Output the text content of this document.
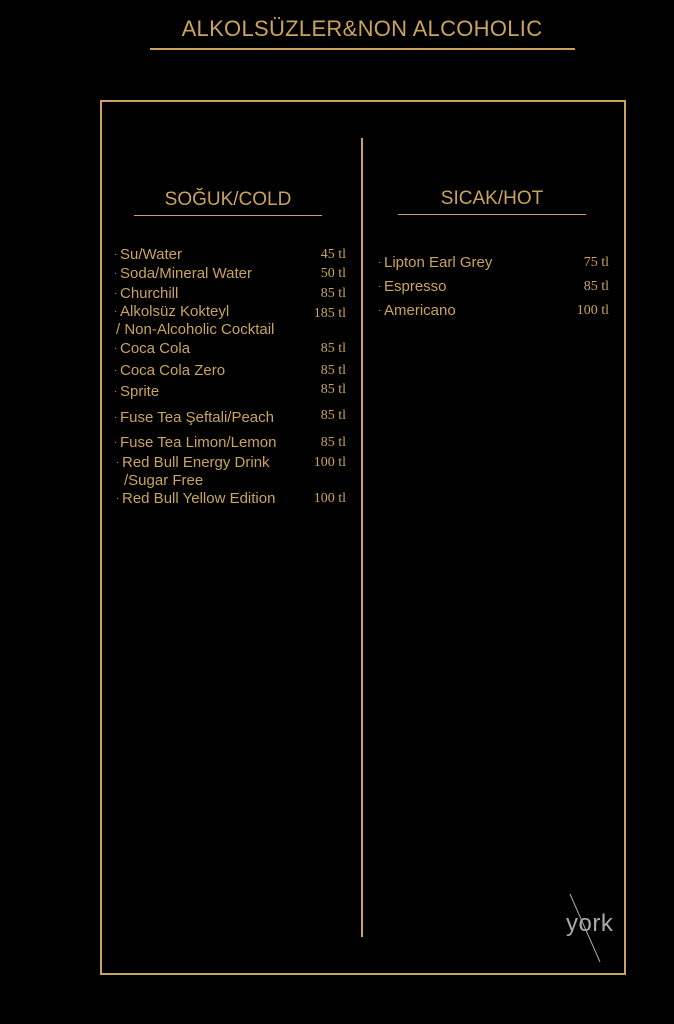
ALKOLSÜZLER&NON ALCOHOLIC
SOĞUK/COLD
· Su/Water	45 tl
· Soda/Mineral Water	50 tl
· Churchill	85 tl
· Alkolsüz Kokteyl
/ Non-Alcoholic Cocktail
185 tl
· Coca Cola	85 tl
· Coca Cola Zero	85 tl
· Sprite	85 tl
· Fuse Tea Şeftali/Peach	85 tl
· Fuse Tea Limon/Lemon	85 tl
· Red Bull Energy Drink
/Sugar Free
100 tl
· Red Bull Yellow Edition	100 tl
SICAK/HOT
· Lipton Earl Grey	75 tl
· Espresso	85 tl
· Americano	100 tl
york
